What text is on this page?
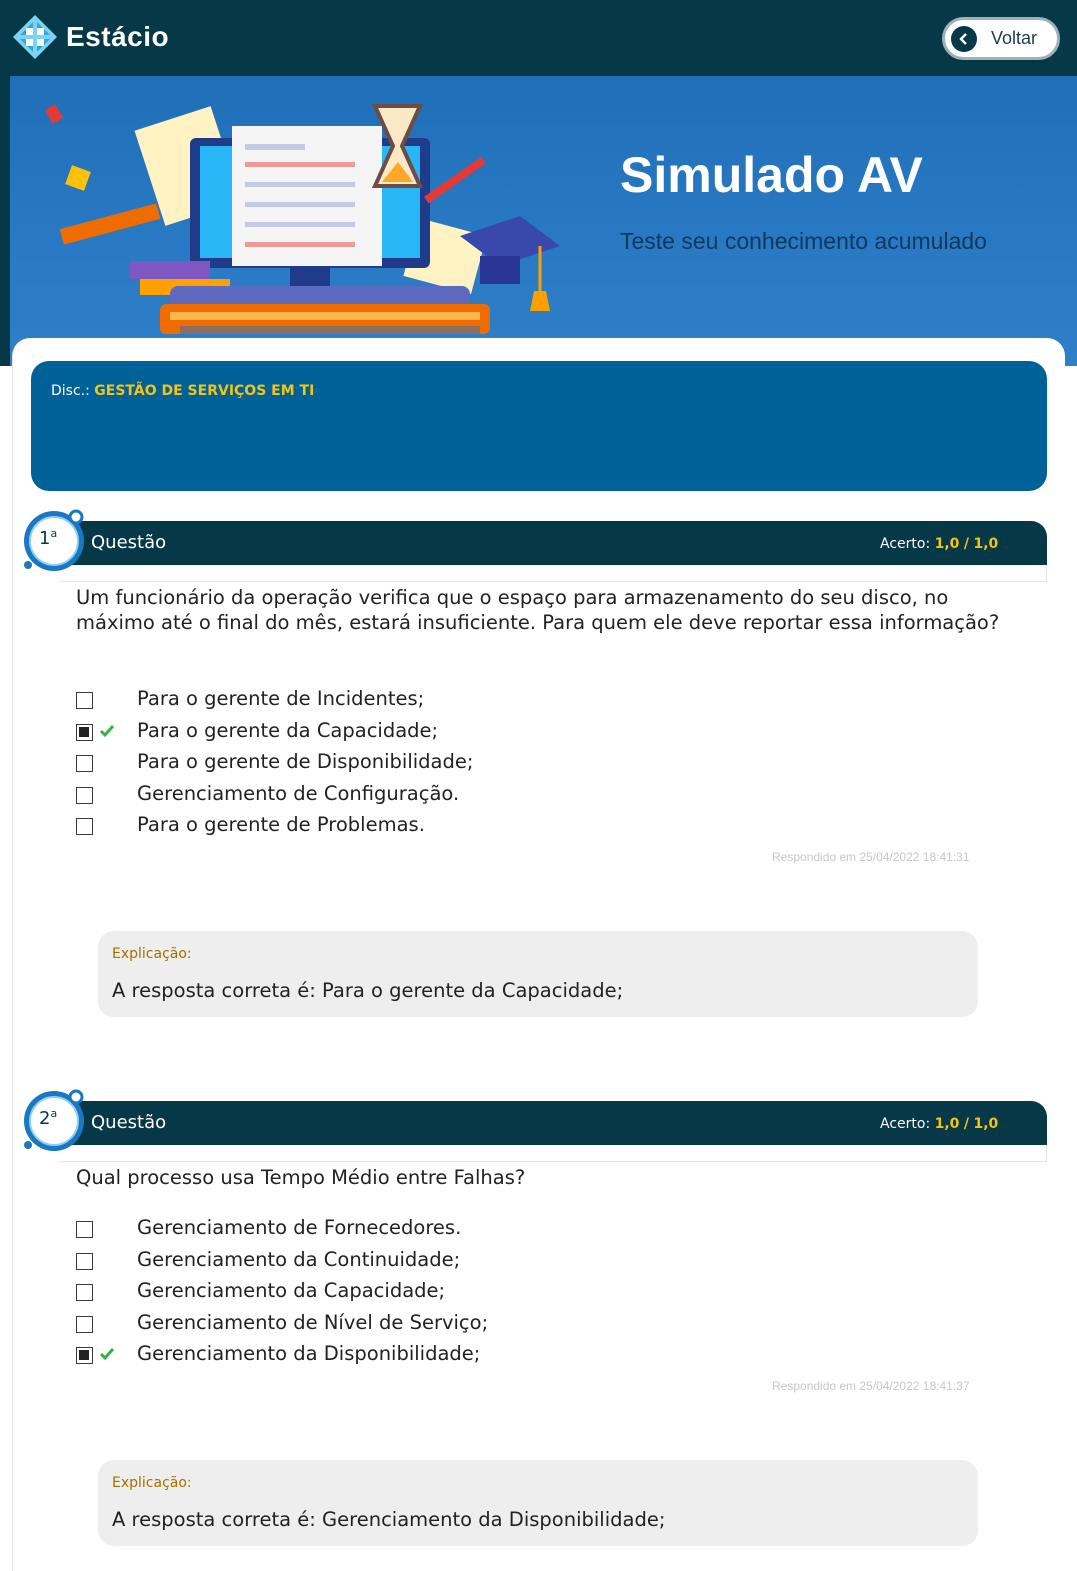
Estácio	Voltar
Simulado AV
Teste seu conhecimento acumulado
Disc.: GESTÃO DE SERVIÇOS EM TI
Questão	Acerto: 1,0 / 1,0
1$^a$
Um funcionário da operação verifica que o espaço para armazenamento do seu disco, no máximo até o final do mês, estará insuficiente. Para quem ele deve reportar essa informação?
Para o gerente de Incidentes;
Para o gerente da Capacidade;
Para o gerente de Disponibilidade;
Gerenciamento de Configuração.
Para o gerente de Problemas.
Respondido em 25/04/2022 18:41:31
Explicação:
A resposta correta é: Para o gerente da Capacidade;
Questão	Acerto: 1,0 / 1,0
2$^a$
Qual processo usa Tempo Médio entre Falhas?
Gerenciamento de Fornecedores.
Gerenciamento da Continuidade;
Gerenciamento da Capacidade;
Gerenciamento de Nível de Serviço;
Gerenciamento da Disponibilidade;
Respondido em 25/04/2022 18:41:37
Explicação:
A resposta correta é: Gerenciamento da Disponibilidade;
